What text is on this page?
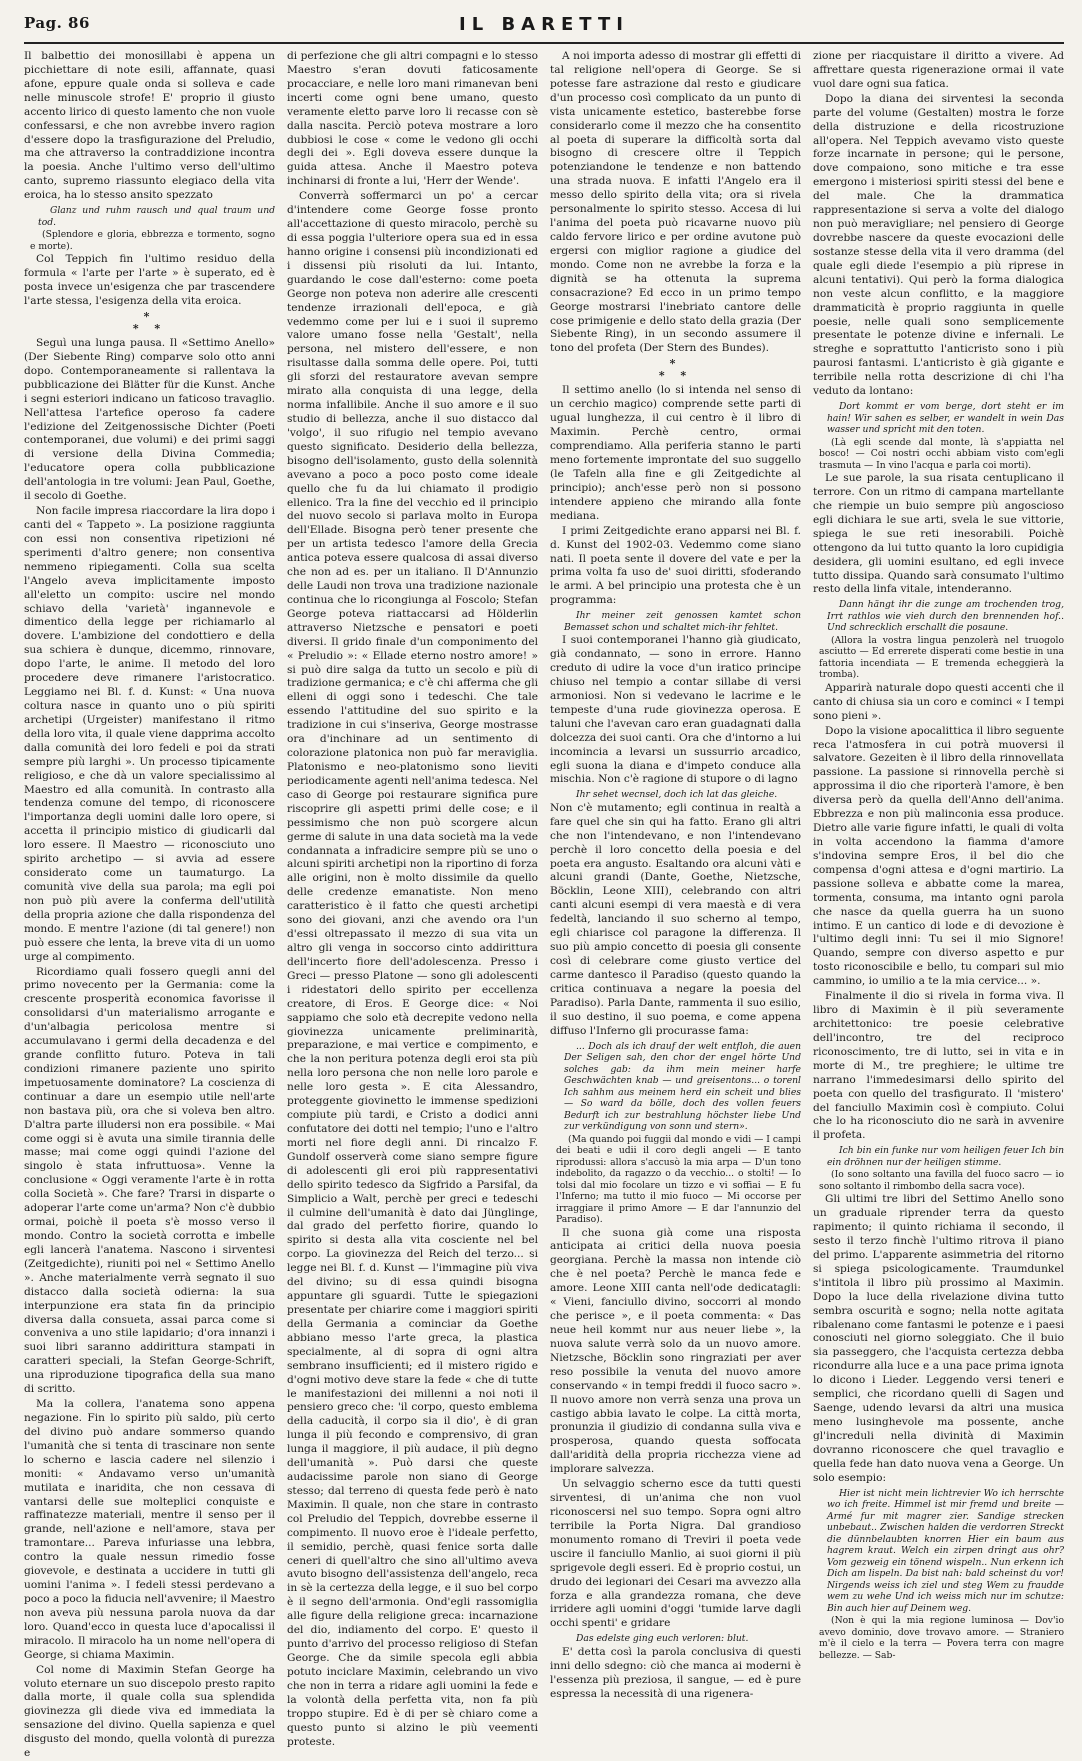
Pag. 86	IL BARETTI

Il balbettio dei monosillabi è appena un picchiettare di note esili, affannate, quasi afone, eppure quale onda si solleva e cade nelle minuscole strofe! E' proprio il giusto accento lirico di questo lamento che non vuole confessarsi, e che non avrebbe invero ragion d'essere dopo la trasfigurazione del Preludio, ma che attraverso la contraddizione incontra la poesia. Anche l'ultimo verso dell'ultimo canto, supremo riassunto elegiaco della vita eroica, ha lo stesso ansito spezzato

Glanz und ruhm rausch und qual traum und tod.

(Splendore e gloria, ebbrezza e tormento, sogno e morte).

Col Teppich fin l'ultimo residuo della formula « l'arte per l'arte » è superato, ed è posta invece un'esigenza che par trascendere l'arte stessa, l'esigenza della vita eroica.

*
* *

Seguì una lunga pausa. Il «Settimo Anello» (Der Siebente Ring) comparve solo otto anni dopo. Contemporaneamente si rallentava la pubblicazione dei Blätter für die Kunst. Anche i segni esteriori indicano un faticoso travaglio. Nell'attesa l'artefice operoso fa cadere l'edizione del Zeitgenossische Dichter (Poeti contemporanei, due volumi) e dei primi saggi di versione della Divina Commedia; l'educatore opera colla pubblicazione dell'antologia in tre volumi: Jean Paul, Goethe, il secolo di Goethe.

Non facile impresa riaccordare la lira dopo i canti del « Tappeto ». La posizione raggiunta con essi non consentiva ripetizioni né sperimenti d'altro genere; non consentiva nemmeno ripiegamenti. Colla sua scelta l'Angelo aveva implicitamente imposto all'eletto un compito: uscire nel mondo schiavo della 'varietà' ingannevole e dimentico della legge per richiamarlo al dovere. L'ambizione del condottiero e della sua schiera è dunque, dicemmo, rinnovare, dopo l'arte, le anime. Il metodo del loro procedere deve rimanere l'aristocratico. Leggiamo nei Bl. f. d. Kunst: « Una nuova coltura nasce in quanto uno o più spiriti archetipi (Urgeister) manifestano il ritmo della loro vita, il quale viene dapprima accolto dalla comunità dei loro fedeli e poi da strati sempre più larghi ». Un processo tipicamente religioso, e che dà un valore specialissimo al Maestro ed alla comunità. In contrasto alla tendenza comune del tempo, di riconoscere l'importanza degli uomini dalle loro opere, si accetta il principio mistico di giudicarli dal loro essere. Il Maestro — riconosciuto uno spirito archetipo — si avvia ad essere considerato come un taumaturgo. La comunità vive della sua parola; ma egli poi non può più avere la conferma dell'utilità della propria azione che dalla rispondenza del mondo. E mentre l'azione (di tal genere!) non può essere che lenta, la breve vita di un uomo urge al compimento.

Ricordiamo quali fossero quegli anni del primo novecento per la Germania: come la crescente prosperità economica favorisse il consolidarsi d'un materialismo arrogante e d'un'albagia pericolosa mentre si accumulavano i germi della decadenza e del grande conflitto futuro. Poteva in tali condizioni rimanere paziente uno spirito impetuosamente dominatore? La coscienza di continuar a dare un esempio utile nell'arte non bastava più, ora che si voleva ben altro. D'altra parte illudersi non era possibile. « Mai come oggi si è avuta una simile tirannia delle masse; mai come oggi quindi l'azione del singolo è stata infruttuosa». Venne la conclusione « Oggi veramente l'arte è in rotta colla Società ». Che fare? Trarsi in disparte o adoperar l'arte come un'arma? Non c'è dubbio ormai, poichè il poeta s'è mosso verso il mondo. Contro la società corrotta e imbelle egli lancerà l'anatema. Nascono i sirventesi (Zeitgedichte), riuniti poi nel « Settimo Anello ». Anche materialmente verrà segnato il suo distacco dalla società odierna: la sua interpunzione era stata fin da principio diversa dalla consueta, assai parca come si conveniva a uno stile lapidario; d'ora innanzi i suoi libri saranno addirittura stampati in caratteri speciali, la Stefan George-Schrift, una riproduzione tipografica della sua mano di scritto.

Ma la collera, l'anatema sono appena negazione. Fin lo spirito più saldo, più certo del divino può andare sommerso quando l'umanità che si tenta di trascinare non sente lo scherno e lascia cadere nel silenzio i moniti: « Andavamo verso un'umanità mutilata e inaridita, che non cessava di vantarsi delle sue molteplici conquiste e raffinatezze materiali, mentre il senso per il grande, nell'azione e nell'amore, stava per tramontare... Pareva infuriasse una lebbra, contro la quale nessun rimedio fosse giovevole, e destinata a uccidere in tutti gli uomini l'anima ». I fedeli stessi perdevano a poco a poco la fiducia nell'avvenire; il Maestro non aveva più nessuna parola nuova da dar loro. Quand'ecco in questa luce d'apocalissi il miracolo. Il miracolo ha un nome nell'opera di George, si chiama Maximin.

Col nome di Maximin Stefan George ha voluto eternare un suo discepolo presto rapito dalla morte, il quale colla sua splendida giovinezza gli diede viva ed immediata la sensazione del divino. Quella sapienza e quel disgusto del mondo, quella volontà di purezza e

di perfezione che gli altri compagni e lo stesso Maestro s'eran dovuti faticosamente procacciare, e nelle loro mani rimanevan beni incerti come ogni bene umano, questo veramente eletto parve loro li recasse con sè dalla nascita. Perciò poteva mostrare a loro dubbiosi le cose « come le vedono gli occhi degli dei ». Egli doveva essere dunque la guida attesa. Anche il Maestro poteva inchinarsi di fronte a lui, 'Herr der Wende'.

Converrà soffermarci un po' a cercar d'intendere come George fosse pronto all'accettazione di questo miracolo, perchè su di essa poggia l'ulteriore opera sua ed in essa hanno origine i consensi più incondizionati ed i dissensi più risoluti da lui. Intanto, guardando le cose dall'esterno: come poeta George non poteva non aderire alle crescenti tendenze irrazionali dell'epoca, e già vedemmo come per lui e i suoi il supremo valore umano fosse nella 'Gestalt', nella persona, nel mistero dell'essere, e non risultasse dalla somma delle opere. Poi, tutti gli sforzi del restauratore avevan sempre mirato alla conquista di una legge, della norma infallibile. Anche il suo amore e il suo studio di bellezza, anche il suo distacco dal 'volgo', il suo rifugio nel tempio avevano questo significato. Desiderio della bellezza, bisogno dell'isolamento, gusto della solennità avevano a poco a poco posto come ideale quello che fu da lui chiamato il prodigio ellenico. Tra la fine del vecchio ed il principio del nuovo secolo si parlava molto in Europa dell'Ellade. Bisogna però tener presente che per un artista tedesco l'amore della Grecia antica poteva essere qualcosa di assai diverso che non ad es. per un italiano. Il D'Annunzio delle Laudi non trova una tradizione nazionale continua che lo ricongiunga al Foscolo; Stefan George poteva riattaccarsi ad Hölderlin attraverso Nietzsche e pensatori e poeti diversi. Il grido finale d'un componimento del « Preludio »: « Ellade eterno nostro amore! » si può dire salga da tutto un secolo e più di tradizione germanica; e c'è chi afferma che gli elleni di oggi sono i tedeschi. Che tale essendo l'attitudine del suo spirito e la tradizione in cui s'inseriva, George mostrasse ora d'inchinare ad un sentimento di colorazione platonica non può far meraviglia. Platonismo e neo-platonismo sono lieviti periodicamente agenti nell'anima tedesca. Nel caso di George poi restaurare significa pure riscoprire gli aspetti primi delle cose; e il pessimismo che non può scorgere alcun germe di salute in una data società ma la vede condannata a infradicire sempre più se uno o alcuni spiriti archetipi non la riportino di forza alle origini, non è molto dissimile da quello delle credenze emanatiste. Non meno caratteristico è il fatto che questi archetipi sono dei giovani, anzi che avendo ora l'un d'essi oltrepassato il mezzo di sua vita un altro gli venga in soccorso cinto addirittura dell'incerto fiore dell'adolescenza. Presso i Greci — presso Platone — sono gli adolescenti i ridestatori dello spirito per eccellenza creatore, di Eros. E George dice: « Noi sappiamo che solo età decrepite vedono nella giovinezza unicamente preliminarità, preparazione, e mai vertice e compimento, e che la non peritura potenza degli eroi sta più nella loro persona che non nelle loro parole e nelle loro gesta ». E cita Alessandro, proteggente giovinetto le immense spedizioni compiute più tardi, e Cristo a dodici anni confutatore dei dotti nel tempio; l'uno e l'altro morti nel fiore degli anni. Di rincalzo F. Gundolf osserverà come siano sempre figure di adolescenti gli eroi più rappresentativi dello spirito tedesco da Sigfrido a Parsifal, da Simplicio a Walt, perchè per greci e tedeschi il culmine dell'umanità è dato dai Jünglinge, dal grado del perfetto fiorire, quando lo spirito si desta alla vita cosciente nel bel corpo. La giovinezza del Reich del terzo... si legge nei Bl. f. d. Kunst — l'immagine più viva del divino; su di essa quindi bisogna appuntare gli sguardi. Tutte le spiegazioni presentate per chiarire come i maggiori spiriti della Germania a cominciar da Goethe abbiano messo l'arte greca, la plastica specialmente, al di sopra di ogni altra sembrano insufficienti; ed il mistero rigido e d'ogni motivo deve stare la fede « che di tutte le manifestazioni dei millenni a noi noti il pensiero greco che: 'il corpo, questo emblema della caducità, il corpo sia il dio', è di gran lunga il più fecondo e comprensivo, di gran lunga il maggiore, il più audace, il più degno dell'umanità ». Può darsi che queste audacissime parole non siano di George stesso; dal terreno di questa fede però è nato Maximin. Il quale, non che stare in contrasto col Preludio del Teppich, dovrebbe esserne il compimento. Il nuovo eroe è l'ideale perfetto, il semidio, perchè, quasi fenice sorta dalle ceneri di quell'altro che sino all'ultimo aveva avuto bisogno dell'assistenza dell'angelo, reca in sè la certezza della legge, e il suo bel corpo è il segno dell'armonia. Ond'egli rassomiglia alle figure della religione greca: incarnazione del dio, indiamento del corpo. E' questo il punto d'arrivo del processo religioso di Stefan George. Che da simile specola egli abbia potuto inciclare Maximin, celebrando un vivo che non in terra a ridare agli uomini la fede e la volontà della perfetta vita, non fa più troppo stupire. Ed è di per sè chiaro come a questo punto si alzino le più veementi proteste.

A noi importa adesso di mostrar gli effetti di tal religione nell'opera di George. Se si potesse fare astrazione dal resto e giudicare d'un processo così complicato da un punto di vista unicamente estetico, basterebbe forse considerarlo come il mezzo che ha consentito al poeta di superare la difficoltà sorta dal bisogno di crescere oltre il Teppich potenziandone le tendenze e non battendo una strada nuova. E infatti l'Angelo era il messo dello spirito della vita; ora si rivela personalmente lo spirito stesso. Accesa di lui l'anima del poeta può ricavarne nuovo più caldo fervore lirico e per ordine avutone può ergersi con miglior ragione a giudice del mondo. Come non ne avrebbe la forza e la dignità se ha ottenuta la suprema consacrazione? Ed ecco in un primo tempo George mostrarsi l'inebriato cantore delle cose primigenie e dello stato della grazia (Der Siebente Ring), in un secondo assumere il tono del profeta (Der Stern des Bundes).

*
* *

Il settimo anello (lo si intenda nel senso di un cerchio magico) comprende sette parti di ugual lunghezza, il cui centro è il libro di Maximin. Perchè centro, ormai comprendiamo. Alla periferia stanno le parti meno fortemente improntate del suo suggello (le Tafeln alla fine e gli Zeitgedichte al principio); anch'esse però non si possono intendere appieno che mirando alla fonte mediana.

I primi Zeitgedichte erano apparsi nei Bl. f. d. Kunst del 1902-03. Vedemmo come siano nati. Il poeta sente il dovere del vate e per la prima volta fa uso de' suoi diritti, sfoderando le armi. A bel principio una protesta che è un programma:

Ihr meiner zeit genossen kamtet schon Bemasset schon und schaltet mich-ihr fehltet.

I suoi contemporanei l'hanno già giudicato, già condannato, — sono in errore. Hanno creduto di udire la voce d'un iratico principe chiuso nel tempio a contar sillabe di versi armoniosi. Non si vedevano le lacrime e le tempeste d'una rude giovinezza operosa. E taluni che l'avevan caro eran guadagnati dalla dolcezza dei suoi canti. Ora che d'intorno a lui incomincia a levarsi un sussurrio arcadico, egli suona la diana e d'impeto conduce alla mischia. Non c'è ragione di stupore o di lagno

Ihr sehet wecnsel, doch ich lat das gleiche.

Non c'è mutamento; egli continua in realtà a fare quel che sin qui ha fatto. Erano gli altri che non l'intendevano, e non l'intendevano perchè il loro concetto della poesia e del poeta era angusto. Esaltando ora alcuni vàti e alcuni grandi (Dante, Goethe, Nietzsche, Böcklin, Leone XIII), celebrando con altri canti alcuni esempi di vera maestà e di vera fedeltà, lanciando il suo scherno al tempo, egli chiarisce col paragone la differenza. Il suo più ampio concetto di poesia gli consente così di celebrare come giusto vertice del carme dantesco il Paradiso (questo quando la critica continuava a negare la poesia del Paradiso). Parla Dante, rammenta il suo esilio, il suo destino, il suo poema, e come appena diffuso l'Inferno gli procurasse fama:

... Doch als ich drauf der welt entfloh, die auen Der Seligen sah, den chor der engel hörte Und solches gab: da ihm mein meiner harfe Geschwächten knab — und greisentons... o torenl Ich sahhm aus meinem herd ein scheit und blies — So ward da bölle, doch des vollen feuers Bedurft ich zur bestrahlung höchster liebe Und zur verkündigung von sonn und stern».

(Ma quando poi fuggii dal mondo e vidi — I campi dei beati e udii il coro degli angeli — E tanto riprodussi: allora s'accusò la mia arpa — D'un tono indebolito, da ragazzo o da vecchio... o stolti! — Io tolsi dal mio focolare un tizzo e vi soffiai — E fu l'Inferno; ma tutto il mio fuoco — Mi occorse per irraggiare il primo Amore — E dar l'annunzio del Paradiso).

Il che suona già come una risposta anticipata ai critici della nuova poesia georgiana. Perchè la massa non intende ciò che è nel poeta? Perchè le manca fede e amore. Leone XIII canta nell'ode dedicatagli: « Vieni, fanciullo divino, soccorri al mondo che perisce », e il poeta commenta: « Das neue heil kommt nur aus neuer liebe », la nuova salute verrà solo da un nuovo amore. Nietzsche, Böcklin sono ringraziati per aver reso possibile la venuta del nuovo amore conservando « in tempi freddi il fuoco sacro ». Il nuovo amore non verrà senza una prova un castigo abbia lavato le colpe. La città morta, pronunzia il giudizio di condanna sulla viva e prosperosa, quando questa soffocata dall'aridità della propria ricchezza viene ad implorare salvezza.

Un selvaggio scherno esce da tutti questi sirventesi, di un'anima che non vuol riconoscersi nel suo tempo. Sopra ogni altro terribile la Porta Nigra. Dal grandioso monumento romano di Treviri il poeta vede uscire il fanciullo Manlio, ai suoi giorni il più sprigevole degli esseri. Ed è proprio costui, un drudo dei legionari dei Cesari ma avvezzo alla forza e alla grandezza romana, che deve irridere agli uomini d'oggi 'tumide larve dagli occhi spenti' e gridare

Das edelste ging euch verloren: blut.

E' detta così la parola conclusiva di questi inni dello sdegno: ciò che manca ai moderni è l'essenza più preziosa, il sangue, — ed è pure espressa la necessità di una rigenera-

zione per riacquistare il diritto a vivere. Ad affrettare questa rigenerazione ormai il vate vuol dare ogni sua fatica.

Dopo la diana dei sirventesi la seconda parte del volume (Gestalten) mostra le forze della distruzione e della ricostruzione all'opera. Nel Teppich avevamo visto queste forze incarnate in persone; qui le persone, dove compaiono, sono mitiche e tra esse emergono i misteriosi spiriti stessi del bene e del male. Che la drammatica rappresentazione si serva a volte del dialogo non può meravigliare; nel pensiero di George dovrebbe nascere da queste evocazioni delle sostanze stesse della vita il vero dramma (del quale egli diede l'esempio a più riprese in alcuni tentativi). Qui però la forma dialogica non veste alcun conflitto, e la maggiore drammaticità è proprio raggiunta in quelle poesie, nelle quali sono semplicemente presentate le potenze divine e infernali. Le streghe e soprattutto l'anticristo sono i più paurosi fantasmi. L'anticristo è già gigante e terribile nella rotta descrizione di chi l'ha veduto da lontano:

Dort kommt er vom berge, dort steht er im hain! Wir sahen es selber, er wandelt in wein Das wasser und spricht mit den toten.

(Là egli scende dal monte, là s'appiatta nel bosco! — Coi nostri occhi abbiam visto com'egli trasmuta — In vino l'acqua e parla coi morti).

Le sue parole, la sua risata centuplicano il terrore. Con un ritmo di campana martellante che riempie un buio sempre più angoscioso egli dichiara le sue arti, svela le sue vittorie, spiega le sue reti inesorabili. Poichè ottengono da lui tutto quanto la loro cupidigia desidera, gli uomini esultano, ed egli invece tutto dissipa. Quando sarà consumato l'ultimo resto della linfa vitale, intenderanno.

Dann hängt ihr die zunge am trochenden trog, Irrt rathlos wie vieh durch den brennenden hof.. Und schrecklich erschallt die posaune.

(Allora la vostra lingua penzolerà nel truogolo asciutto — Ed errerete disperati come bestie in una fattoria incendiata — E tremenda echeggierà la tromba).

Apparirà naturale dopo questi accenti che il canto di chiusa sia un coro e cominci « I tempi sono pieni ».

Dopo la visione apocalittica il libro seguente reca l'atmosfera in cui potrà muoversi il salvatore. Gezeiten è il libro della rinnovellata passione. La passione si rinnovella perchè si approssima il dio che riporterà l'amore, è ben diversa però da quella dell'Anno dell'anima. Ebbrezza e non più malinconia essa produce. Dietro alle varie figure infatti, le quali di volta in volta accendono la fiamma d'amore s'indovina sempre Eros, il bel dio che compensa d'ogni attesa e d'ogni martirio. La passione solleva e abbatte come la marea, tormenta, consuma, ma intanto ogni parola che nasce da quella guerra ha un suono intimo. E un cantico di lode e di devozione è l'ultimo degli inni: Tu sei il mio Signore! Quando, sempre con diverso aspetto e pur tosto riconoscibile e bello, tu compari sul mio cammino, io umilio a te la mia cervice... ».

Finalmente il dio si rivela in forma viva. Il libro di Maximin è il più severamente architettonico: tre poesie celebrative dell'incontro, tre del reciproco riconoscimento, tre di lutto, sei in vita e in morte di M., tre preghiere; le ultime tre narrano l'immedesimarsi dello spirito del poeta con quello del trasfigurato. Il 'mistero' del fanciullo Maximin così è compiuto. Colui che lo ha riconosciuto dio ne sarà in avvenire il profeta.

Ich bin ein funke nur vom heiligen feuer Ich bin ein dröhnen nur der heiligen stimme.

(Io sono soltanto una favilla del fuoco sacro — io sono soltanto il rimbombo della sacra voce).

Gli ultimi tre libri del Settimo Anello sono un graduale riprender terra da questo rapimento; il quinto richiama il secondo, il sesto il terzo finchè l'ultimo ritrova il piano del primo. L'apparente asimmetria del ritorno si spiega psicologicamente. Traumdunkel s'intitola il libro più prossimo al Maximin. Dopo la luce della rivelazione divina tutto sembra oscurità e sogno; nella notte agitata ribalenano come fantasmi le potenze e i paesi conosciuti nel giorno soleggiato. Che il buio sia passeggero, che l'acquista certezza debba ricondurre alla luce e a una pace prima ignota lo dicono i Lieder. Leggendo versi teneri e semplici, che ricordano quelli di Sagen und Saenge, udendo levarsi da altri una musica meno lusinghevole ma possente, anche gl'increduli nella divinità di Maximin dovranno riconoscere che quel travaglio e quella fede han dato nuova vena a George. Un solo esempio:

Hier ist nicht mein lichtrevier Wo ich herrschte wo ich freite. Himmel ist mir fremd und breite — Armé fur mit magrer zier. Sandige strecken unbebaut.. Zwischen halden die verdorren Streckt die dünnbelaubten knorren Hier ein baum aus hagrem kraut. Welch ein zirpen dringt aus ohr? Vom gezweig ein tönend wispeln.. Nun erkenn ich Dich am lispeln. Da bist nah: bald scheinst du vor! Nirgends weiss ich ziel und steg Wem zu fraudde wem zu wehe Und ich weiss mich nur im schutze: Bin auch hier auf Deinem weg.

(Non è qui la mia regione luminosa — Dov'io avevo dominio, dove trovavo amore. — Straniero m'è il cielo e la terra — Povera terra con magre bellezze. — Sab-
